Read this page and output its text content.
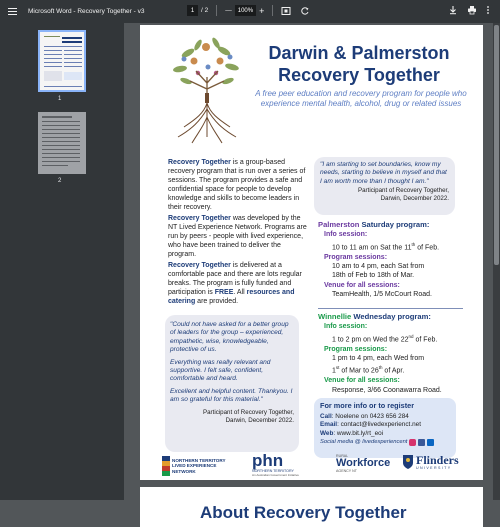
Microsoft Word - Recovery Together - v3	1	/ 2	—	100% +
1
2
Darwin & Palmerston
Recovery Together
A free peer education and recovery program for people who experience mental health, alcohol, drug or related issues

Recovery Together is a group-based recovery program that is run over a series of sessions. The program provides a safe and confidential space for people to develop knowledge and skills to become leaders in their recovery.

Recovery Together was developed by the NT Lived Experience Network. Programs are run by peers - people with lived experience, who have been trained to deliver the program.

Recovery Together is delivered at a comfortable pace and there are lots regular breaks. The program is fully funded and participation is FREE. All resources and catering are provided.

"I am starting to set boundaries, know my needs, starting to believe in myself and that I am worth more than I thought I am."
Participant of Recovery Together,
Darwin, December 2022.
Palmerston Saturday program:
Info session:
10 to 11 am on Sat the 11th of Feb.
Program sessions:
10 am to 4 pm, each Sat from
18th of Feb to 18th of Mar.
Venue for all sessions:
TeamHealth, 1/5 McCourt Road.
Winnellie Wednesday program:
Info session:
1 to 2 pm on Wed the 22nd of Feb.
Program sessions:
1 pm to 4 pm, each Wed from
1st of Mar to 26th of Apr.
Venue for all sessions:
Response, 3/66 Coonawarra Road.

"Could not have asked for a better group of leaders for the group – experienced, empathetic, wise, knowledgeable, protective of us.

Everything was really relevant and supportive. I felt safe, confident, comfortable and heard.

Excellent and helpful content. Thankyou. I am so grateful for this material."

Participant of Recovery Together,
Darwin, December 2022.
For more info or to register
Call: Noelene on 0423 656 284
Email: contact@livedexperienct.net
Web: www.bit.ly/rt_eoi
Social media @ livedexperiencent
NORTHERN TERRITORY
LIVED EXPERIENCE
NETWORK
phn
NORTHERN TERRITORY
An Australian Government Initiative
RURAL
Workforce
AGENCY NT
Flinders
UNIVERSITY
About Recovery Together
